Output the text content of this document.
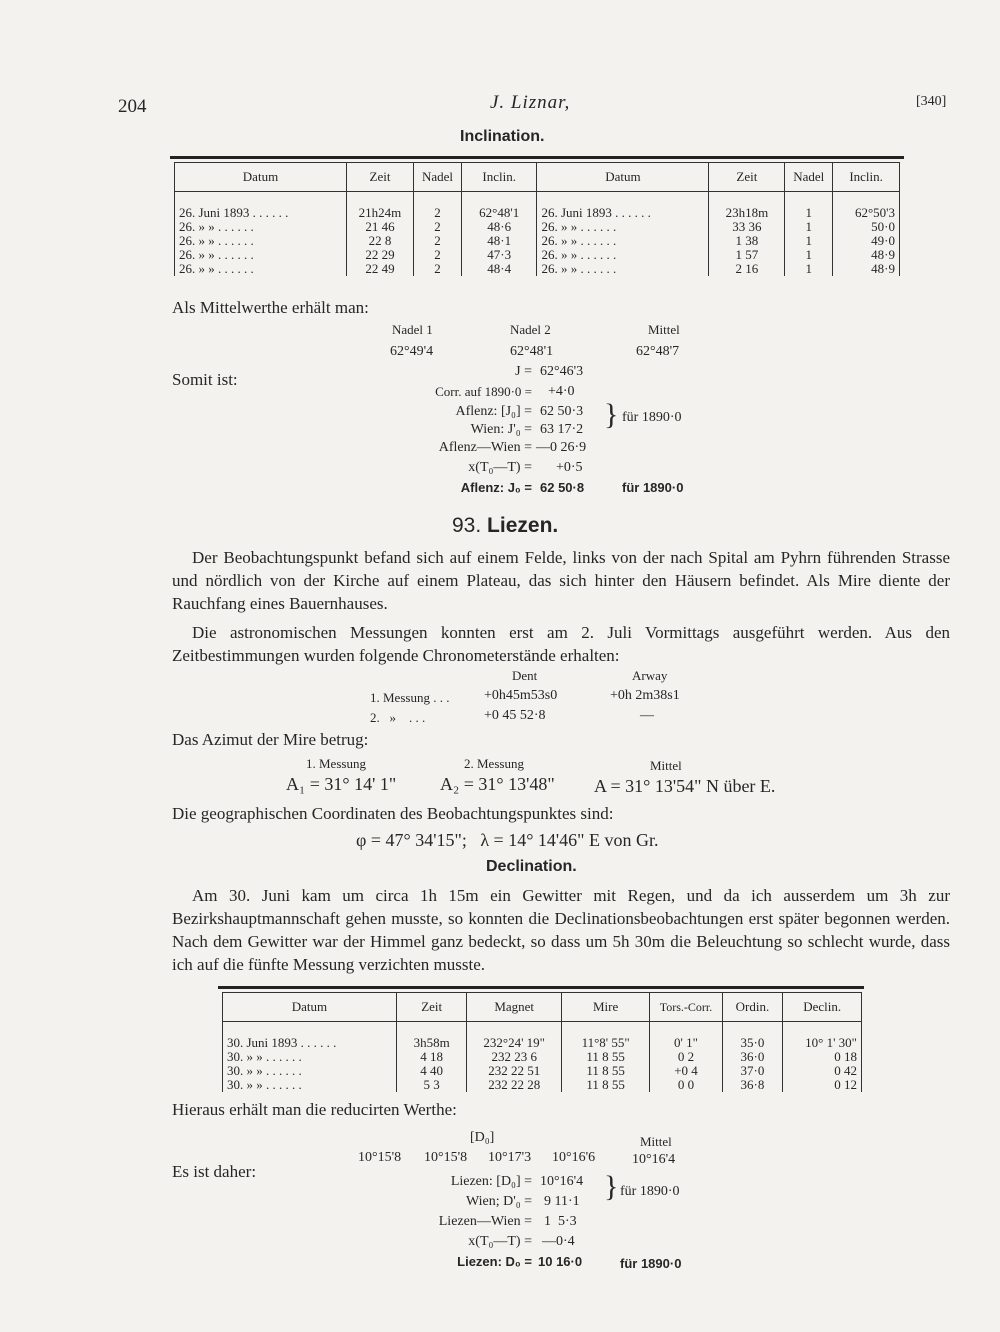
204	J. Liznar,	[340]
Inclination.
Datum	Zeit	Nadel	Inclin.	Datum	Zeit	Nadel	Inclin.

26. Juni 1893 . . . . . .	21h24m	2	62°48'1	26. Juni 1893 . . . . . .	23h18m	1	62°50'3
26. » » . . . . . .	21 46	2	48·6	26. » » . . . . . .	33 36	1	50·0
26. » » . . . . . .	22 8	2	48·1	26. » » . . . . . .	1 38	1	49·0
26. » » . . . . . .	22 29	2	47·3	26. » » . . . . . .	1 57	1	48·9
26. » » . . . . . .	22 49	2	48·4	26. » » . . . . . .	2 16	1	48·9
Als Mittelwerthe erhält man:
Nadel 1	Nadel 2	Mittel
62°49'4	62°48'1	62°48'7
Somit ist:	J = 62°46'3
Corr. auf 1890·0 = +4·0
Aflenz: [J₀] = 62 50·3
Wien: J'₀ = 63 17·2 } für 1890·0
Aflenz—Wien = —0 26·9
x(T₀—T) = +0·5
Aflenz: J₀ = 62 50·8	für 1890·0
93. Liezen.

Der Beobachtungspunkt befand sich auf einem Felde, links von der nach Spital am Pyhrn führenden Strasse und nördlich von der Kirche auf einem Plateau, das sich hinter den Häusern befindet. Als Mire diente der Rauchfang eines Bauernhauses.

Die astronomischen Messungen konnten erst am 2. Juli Vormittags ausgeführt werden. Aus den Zeitbestimmungen wurden folgende Chronometerstände erhalten:

Dent	Arway
1. Messung . . . +0h45m53s0	+0h 2m38s1
2.   »    . . .	+0 45 52·8	—
Das Azimut der Mire betrug:
1. Messung	2. Messung	Mittel
A₁ = 31° 14' 1" A₂ = 31° 13'48" A = 31° 13'54" N über E.
Die geographischen Coordinaten des Beobachtungspunktes sind:
φ = 47° 34'15";   λ = 14° 14'46" E von Gr.
Declination.

Am 30. Juni kam um circa 1h 15m ein Gewitter mit Regen, und da ich ausserdem um 3h zur Bezirkshauptmannschaft gehen musste, so konnten die Declinationsbeobachtungen erst später begonnen werden. Nach dem Gewitter war der Himmel ganz bedeckt, so dass um 5h 30m die Beleuchtung so schlecht wurde, dass ich auf die fünfte Messung verzichten musste.

Datum	Zeit	Magnet	Mire	Tors.-Corr.	Ordin.	Declin.

30. Juni 1893 . . . . . .	3h58m	232°24' 19"	11°8' 55"	0' 1"	35·0	10° 1' 30"
30. » » . . . . . .	4 18	232 23 6	11 8 55	0 2	36·0	0 18
30. » » . . . . . .	4 40	232 22 51	11 8 55	+0 4	37·0	0 42
30. » » . . . . . .	5 3	232 22 28	11 8 55	0 0	36·8	0 12
Hieraus erhält man die reducirten Werthe:
[D₀]	Mittel
10°15'8 10°15'8 10°17'3 10°16'6	10°16'4
Es ist daher:
Liezen: [D₀] = 10°16'4
Wien; D'₀ = 9 11·1 } für 1890·0
Liezen—Wien = 1  5·3
x(T₀—T) = —0·4
Liezen: D₀ = 10 16·0	für 1890·0
